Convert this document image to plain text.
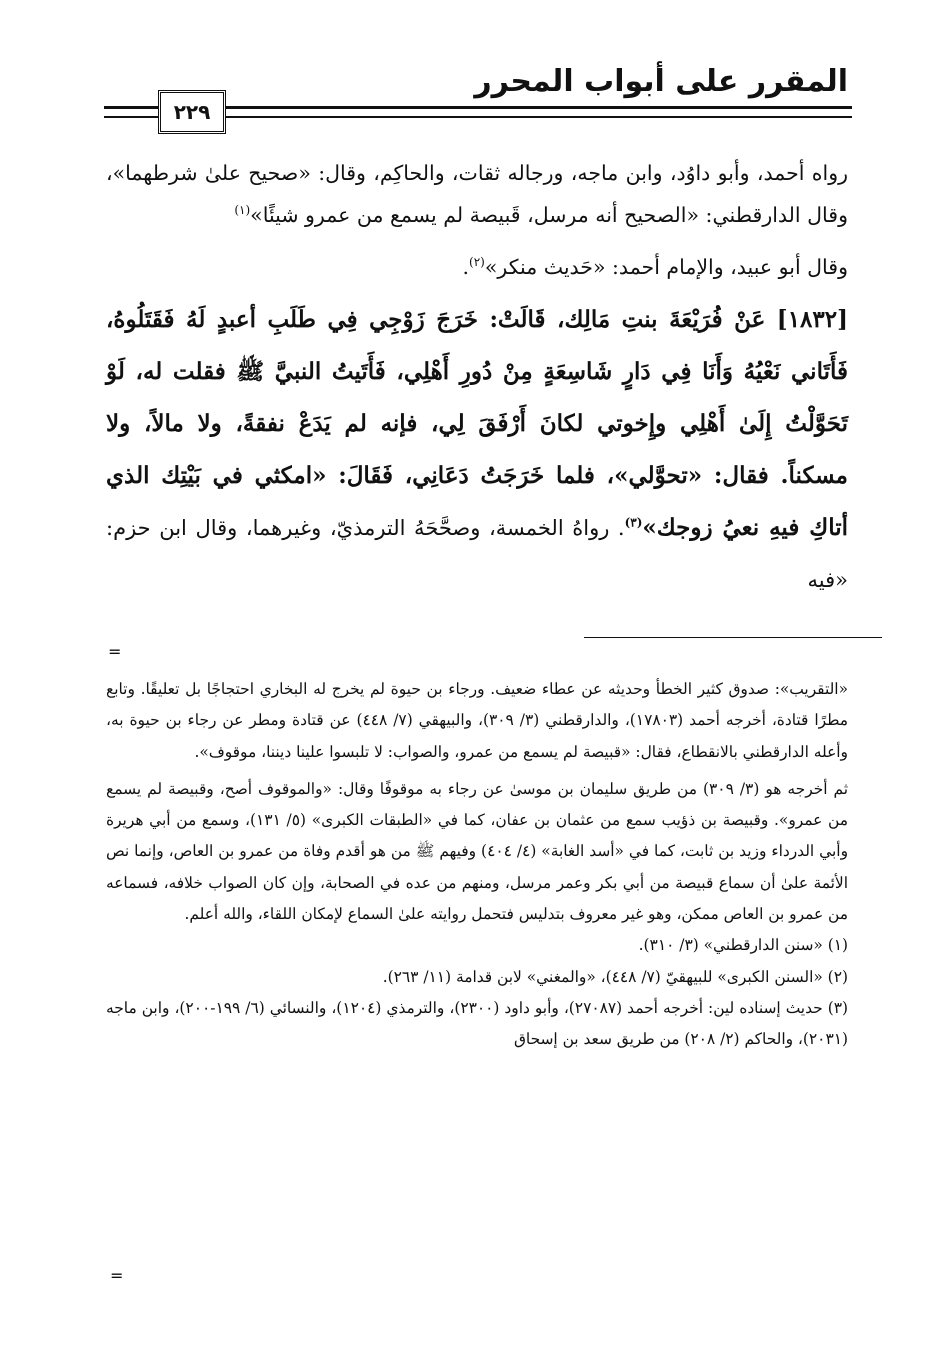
المقرر على أبواب المحرر
٢٢٩

رواه أحمد، وأبو داوُد، وابن ماجه، ورجاله ثقات، والحاكِم، وقال: «صحيح علىٰ شرطهما»، وقال الدارقطني: «الصحيح أنه مرسل، قَبيصة لم يسمع من عمرو شيئًا»$^{(١)}$

وقال أبو عبيد، والإمام أحمد: «حَديث منكر»$^{(٢)}$.

[١٨٣٢] عَنْ فُرَيْعَةَ بنتِ مَالِك، قَالَتْ: خَرَجَ زَوْجِي فِي طَلَبِ أعبدٍ لَهُ فَقَتَلُوهُ، فَأَتَاني نَعْيُهُ وَأَنَا فِي دَارٍ شَاسِعَةٍ مِنْ دُورِ أَهْلِي، فَأَتَيتُ النبيَّ ﷺ فقلت له، لَوْ تَحَوَّلْتُ إِلَىٰ أَهْلِي وإِخوتي لكانَ أَرْفَقَ لِي، فإنه لم يَدَعْ نفقةً، ولا مالاً، ولا مسكناً. فقال: «تحوَّلي»، فلما خَرَجَتُ دَعَانِي، فَقَالَ: «امكثي في بَيْتِك الذي أتاكِ فيهِ نعيُ زوجك»$^{(٣)}$. رواهُ الخمسة، وصحَّحَهُ الترمذيّ، وغيرهما، وقال ابن حزم: «فيه

=

«التقريب»: صدوق كثير الخطأ وحديثه عن عطاء ضعيف. ورجاء بن حيوة لم يخرج له البخاري احتجاجًا بل تعليقًا. وتابع مطرًا قتادة، أخرجه أحمد (١٧٨٠٣)، والدارقطني (٣/ ٣٠٩)، والبيهقي (٧/ ٤٤٨) عن قتادة ومطر عن رجاء بن حيوة به، وأعله الدارقطني بالانقطاع، فقال: «قبيصة لم يسمع من عمرو، والصواب: لا تلبسوا علينا ديننا، موقوف».

ثم أخرجه هو (٣/ ٣٠٩) من طريق سليمان بن موسىٰ عن رجاء به موقوفًا وقال: «والموقوف أصح، وقبيصة لم يسمع من عمرو». وقبيصة بن ذؤيب سمع من عثمان بن عفان، كما في «الطبقات الكبرى» (٥/ ١٣١)، وسمع من أبي هريرة وأبي الدرداء وزيد بن ثابت، كما في «أسد الغابة» (٤/ ٤٠٤) وفيهم ﷺ من هو أقدم وفاة من عمرو بن العاص، وإنما نص الأئمة علىٰ أن سماع قبيصة من أبي بكر وعمر مرسل، ومنهم من عده في الصحابة، وإن كان الصواب خلافه، فسماعه من عمرو بن العاص ممكن، وهو غير معروف بتدليس فتحمل روايته علىٰ السماع لإمكان اللقاء، والله أعلم.

(١) «سنن الدارقطني» (٣/ ٣١٠).

(٢) «السنن الكبرى» للبيهقيّ (٧/ ٤٤٨)، «والمغني» لابن قدامة (١١/ ٢٦٣).

(٣) حديث إسناده لين: أخرجه أحمد (٢٧٠٨٧)، وأبو داود (٢٣٠٠)، والترمذي (١٢٠٤)، والنسائي (٦/ ١٩٩-٢٠٠)، وابن ماجه (٢٠٣١)، والحاكم (٢/ ٢٠٨) من طريق سعد بن إسحاق

=
